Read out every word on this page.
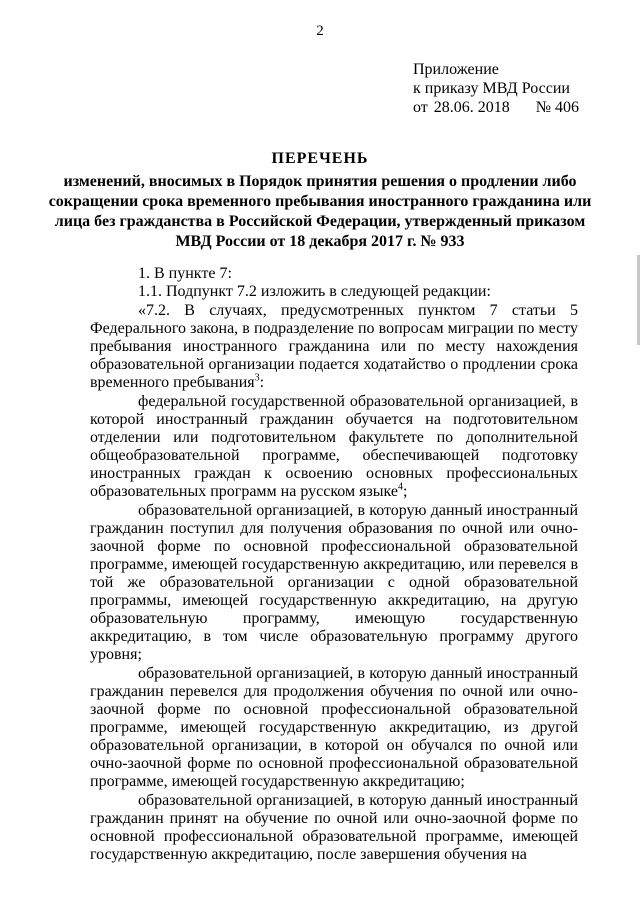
2
Приложение
к приказу МВД России
от 28.06. 2018 № 406
ПЕРЕЧЕНЬ
изменений, вносимых в Порядок принятия решения о продлении либо сокращении срока временного пребывания иностранного гражданина или лица без гражданства в Российской Федерации, утвержденный приказом МВД России от 18 декабря 2017 г. № 933

1. В пункте 7:

1.1. Подпункт 7.2 изложить в следующей редакции:

«7.2. В случаях, предусмотренных пунктом 7 статьи 5 Федерального закона, в подразделение по вопросам миграции по месту пребывания иностранного гражданина или по месту нахождения образовательной организации подается ходатайство о продлении срока временного пребывания$^3$:

федеральной государственной образовательной организацией, в которой иностранный гражданин обучается на подготовительном отделении или подготовительном факультете по дополнительной общеобразовательной программе, обеспечивающей подготовку иностранных граждан к освоению основных профессиональных образовательных программ на русском языке$^4$;

образовательной организацией, в которую данный иностранный гражданин поступил для получения образования по очной или очно-заочной форме по основной профессиональной образовательной программе, имеющей государственную аккредитацию, или перевелся в той же образовательной организации с одной образовательной программы, имеющей государственную аккредитацию, на другую образовательную программу, имеющую государственную аккредитацию, в том числе образовательную программу другого уровня;

образовательной организацией, в которую данный иностранный гражданин перевелся для продолжения обучения по очной или очно-заочной форме по основной профессиональной образовательной программе, имеющей государственную аккредитацию, из другой образовательной организации, в которой он обучался по очной или очно-заочной форме по основной профессиональной образовательной программе, имеющей государственную аккредитацию;

образовательной организацией, в которую данный иностранный гражданин принят на обучение по очной или очно-заочной форме по основной профессиональной образовательной программе, имеющей государственную аккредитацию, после завершения обучения на
